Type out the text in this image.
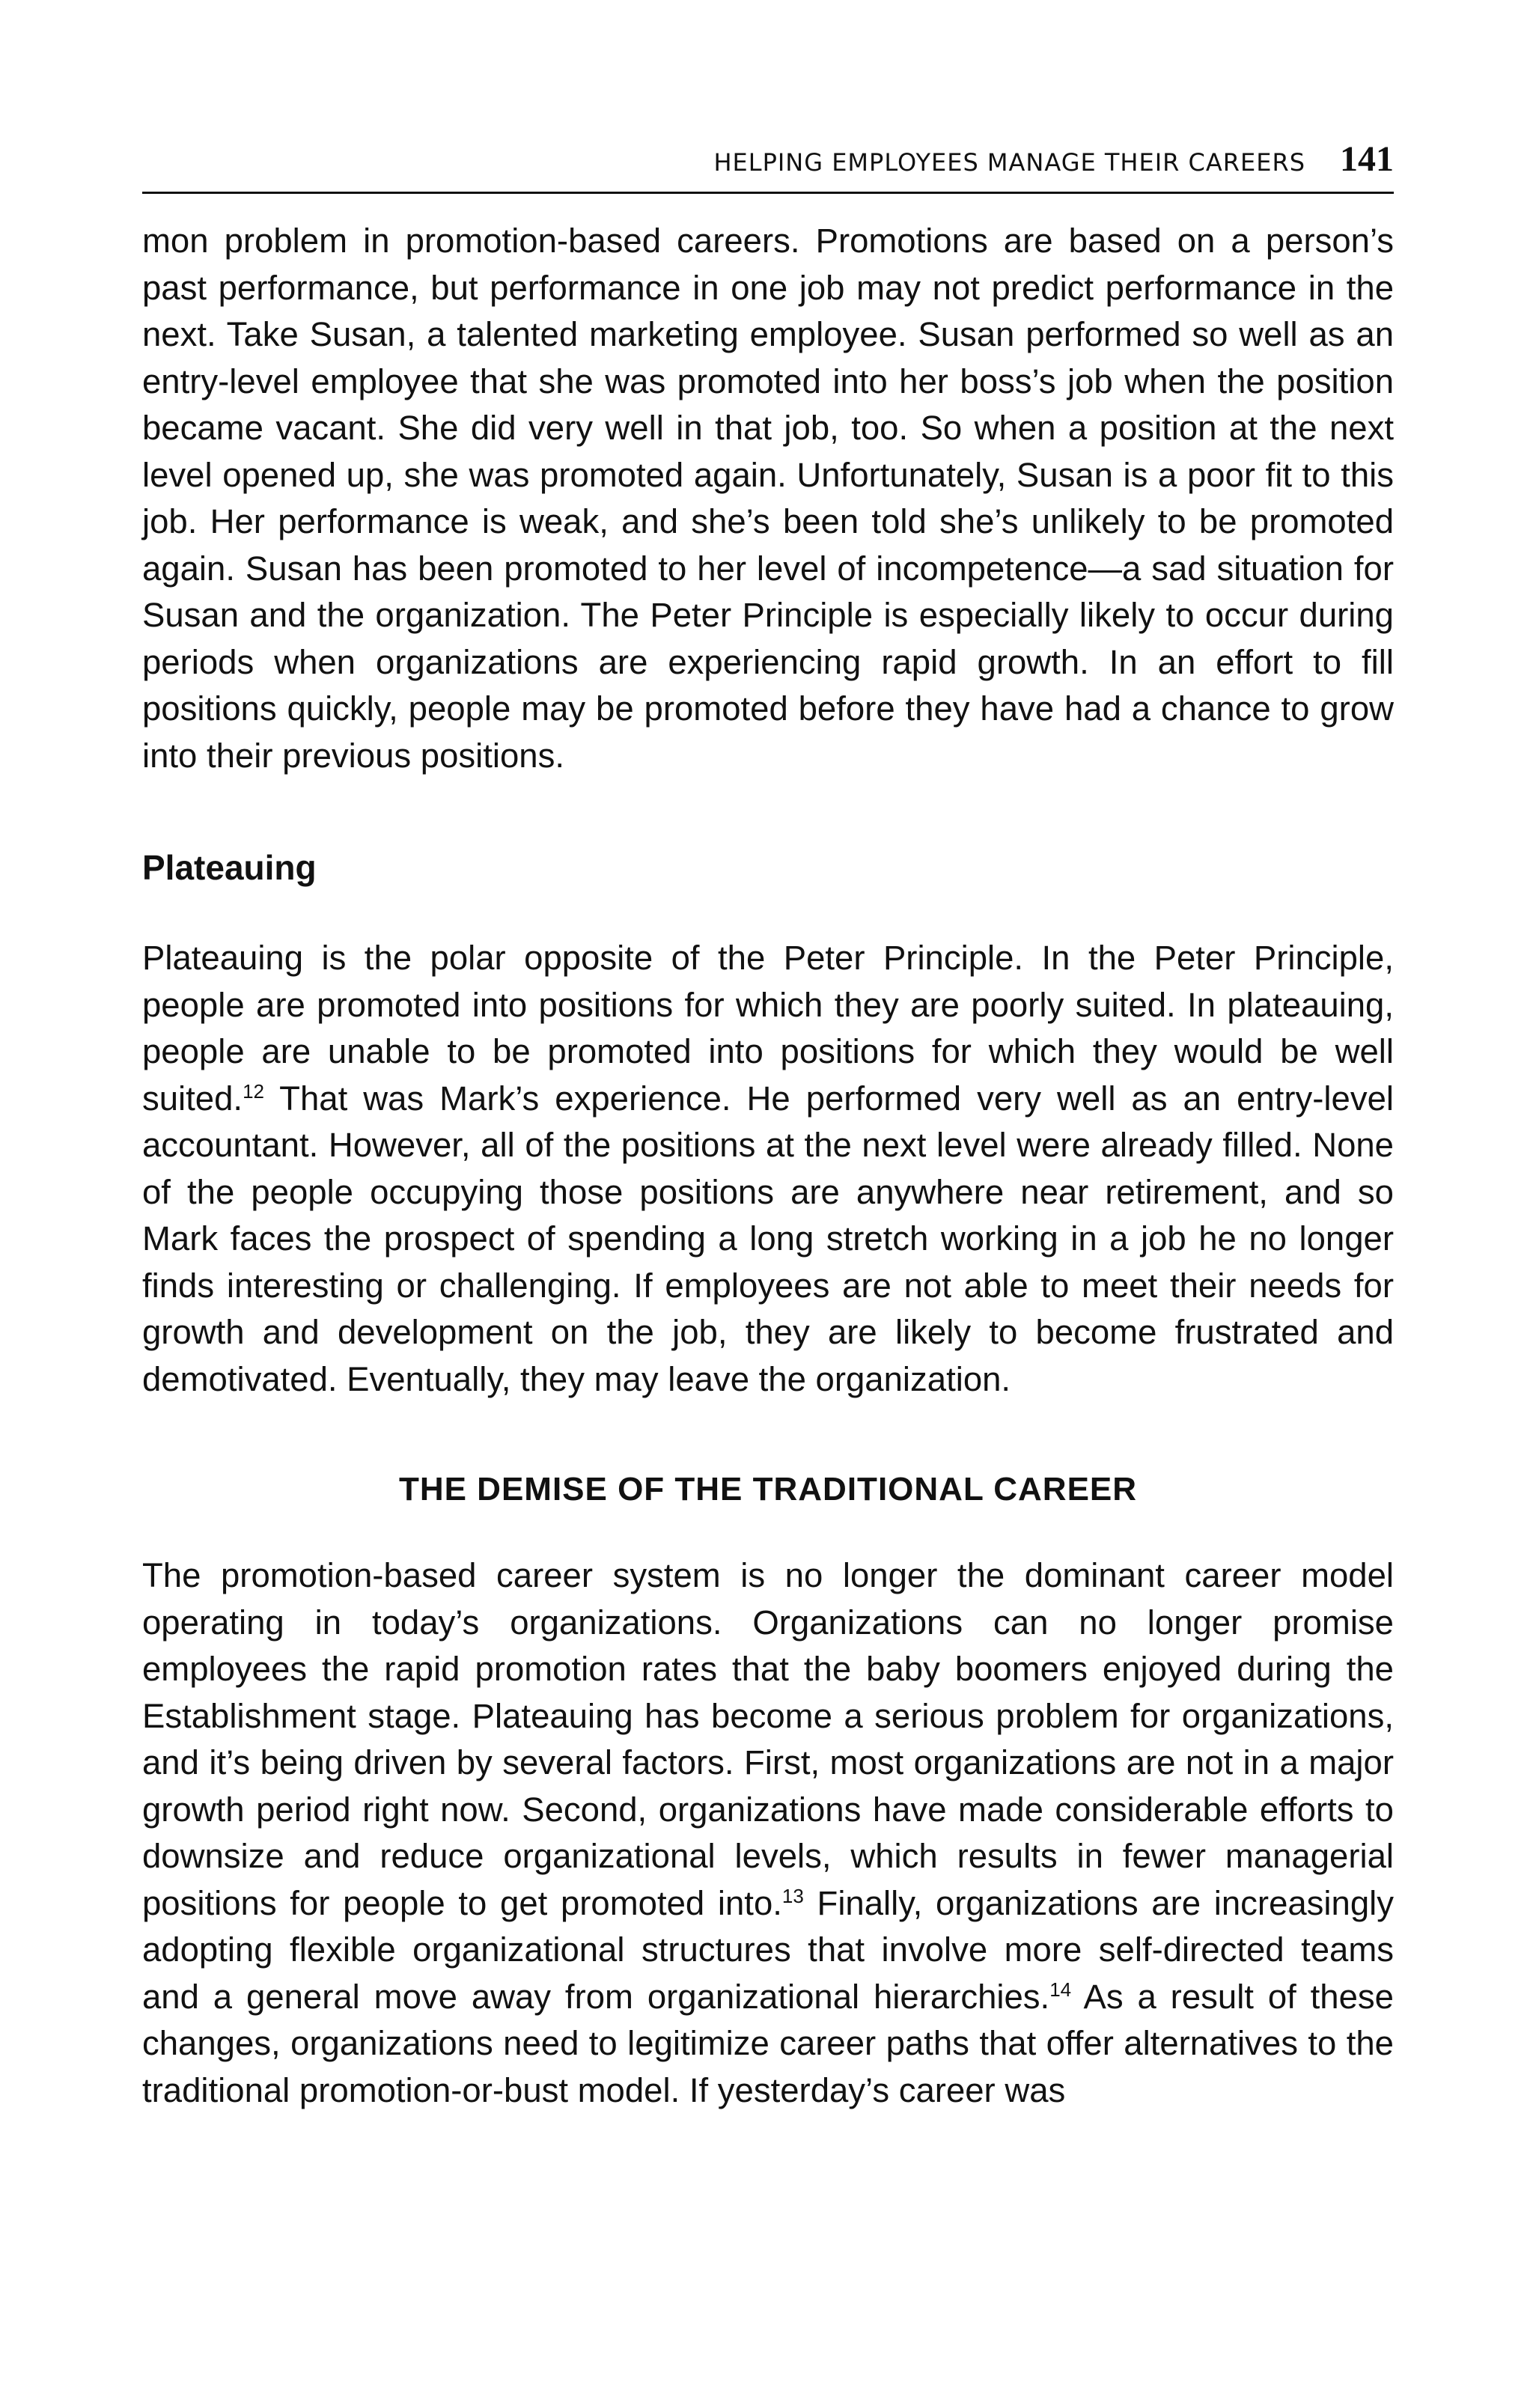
HELPING EMPLOYEES MANAGE THEIR CAREERS 141

mon problem in promotion-based careers. Promotions are based on a person’s past performance, but performance in one job may not predict performance in the next. Take Susan, a talented marketing employee. Susan performed so well as an entry-level employee that she was promoted into her boss’s job when the position became vacant. She did very well in that job, too. So when a position at the next level opened up, she was promoted again. Unfortunately, Susan is a poor fit to this job. Her performance is weak, and she’s been told she’s unlikely to be promoted again. Susan has been promoted to her level of incompetence—a sad situation for Susan and the organization. The Peter Principle is especially likely to occur during periods when organizations are experiencing rapid growth. In an effort to fill positions quickly, people may be promoted before they have had a chance to grow into their previous positions.

Plateauing

Plateauing is the polar opposite of the Peter Principle. In the Peter Principle, people are promoted into positions for which they are poorly suited. In plateauing, people are unable to be promoted into positions for which they would be well suited.$^{12}$ That was Mark’s experience. He performed very well as an entry-level accountant. However, all of the positions at the next level were already filled. None of the people occupying those positions are anywhere near retirement, and so Mark faces the prospect of spending a long stretch working in a job he no longer finds interesting or challenging. If employees are not able to meet their needs for growth and development on the job, they are likely to become frustrated and demotivated. Eventually, they may leave the organization.

THE DEMISE OF THE TRADITIONAL CAREER

The promotion-based career system is no longer the dominant career model operating in today’s organizations. Organizations can no longer promise employees the rapid promotion rates that the baby boomers enjoyed during the Establishment stage. Plateauing has become a serious problem for organizations, and it’s being driven by several factors. First, most organizations are not in a major growth period right now. Second, organizations have made considerable efforts to downsize and reduce organizational levels, which results in fewer managerial positions for people to get promoted into.$^{13}$ Finally, organizations are increasingly adopting flexible organizational structures that involve more self-directed teams and a general move away from organizational hierarchies.$^{14}$ As a result of these changes, organizations need to legitimize career paths that offer alternatives to the traditional promotion-or-bust model. If yesterday’s career was
